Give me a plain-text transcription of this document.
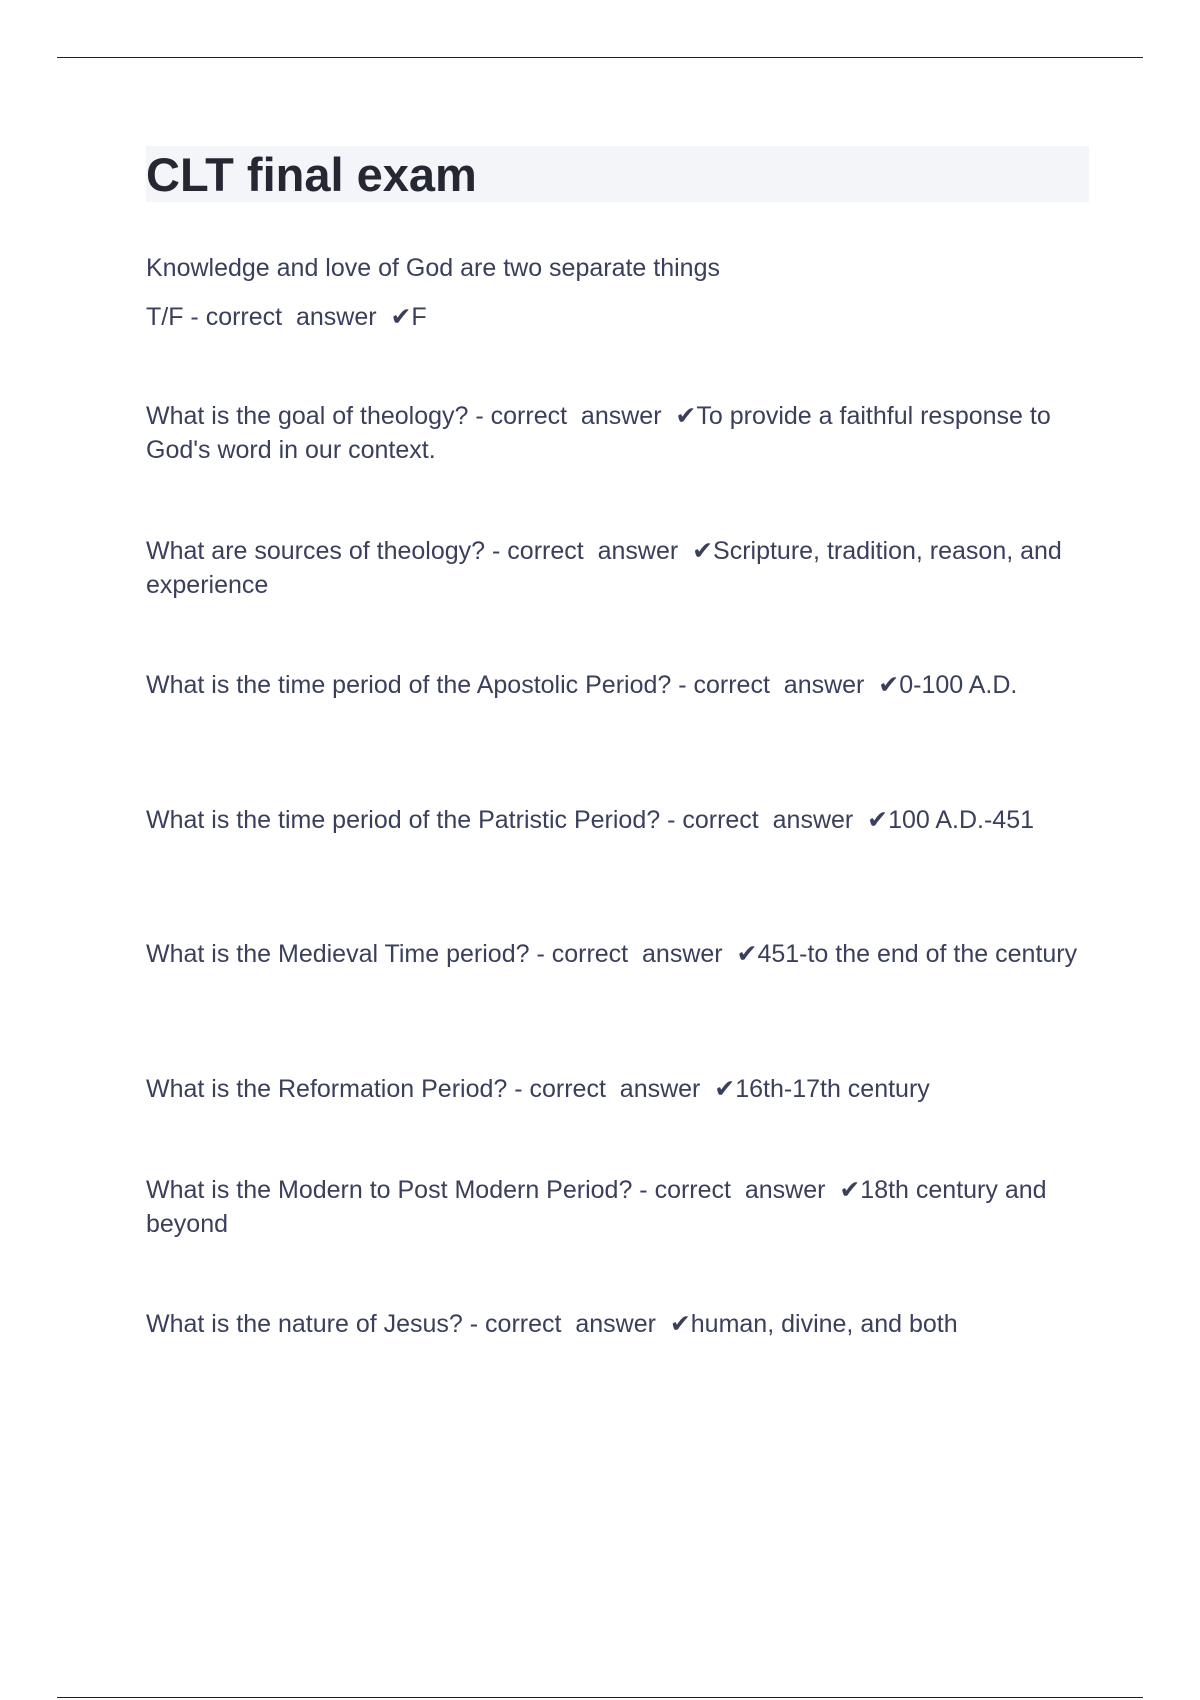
CLT final exam

Knowledge and love of God are two separate things

T/F - correct  answer  ✔F

What is the goal of theology? - correct  answer  ✔To provide a faithful response to God's word in our context.

What are sources of theology? - correct  answer  ✔Scripture, tradition, reason, and experience

What is the time period of the Apostolic Period? - correct  answer  ✔0-100 A.D.

What is the time period of the Patristic Period? - correct  answer  ✔100 A.D.-451

What is the Medieval Time period? - correct  answer  ✔451-to the end of the century

What is the Reformation Period? - correct  answer  ✔16th-17th century

What is the Modern to Post Modern Period? - correct  answer  ✔18th century and beyond

What is the nature of Jesus? - correct  answer  ✔human, divine, and both
